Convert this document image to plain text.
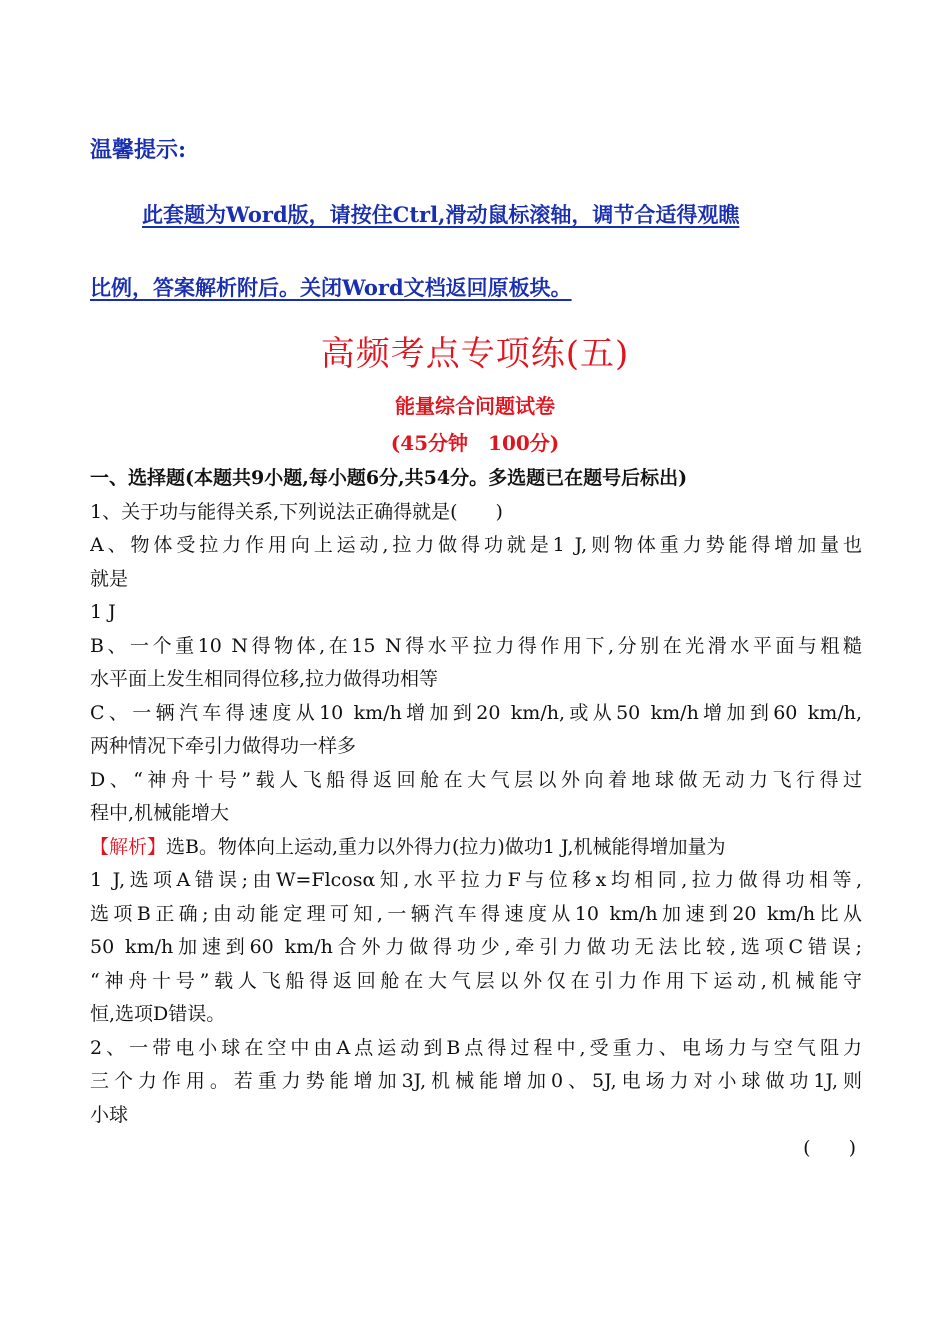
温馨提示:
此套题为Word版，请按住Ctrl,滑动鼠标滚轴，调节合适得观瞧
比例，答案解析附后。关闭Word文档返回原板块。
高频考点专项练(五)
能量综合问题试卷
(45分钟　100分)
一、选择题(本题共9小题,每小题6分,共54分。多选题已在题号后标出)
1、关于功与能得关系,下列说法正确得就是(　　)
A、物体受拉力作用向上运动,拉力做得功就是1 J,则物体重力势能得增加量也
就是
1 J
B、一个重10 N得物体,在15 N得水平拉力得作用下,分别在光滑水平面与粗糙
水平面上发生相同得位移,拉力做得功相等
C、一辆汽车得速度从10 km/h增加到20 km/h,或从50 km/h增加到60 km/h,
两种情况下牵引力做得功一样多
D、“神舟十号”载人飞船得返回舱在大气层以外向着地球做无动力飞行得过
程中,机械能增大
【解析】选B。物体向上运动,重力以外得力(拉力)做功1 J,机械能得增加量为
1 J,选项A错误;由W=Flcosα知,水平拉力F与位移x均相同,拉力做得功相等,
选项B正确;由动能定理可知,一辆汽车得速度从10 km/h加速到20 km/h比从
50 km/h加速到60 km/h合外力做得功少,牵引力做功无法比较,选项C错误;
“神舟十号”载人飞船得返回舱在大气层以外仅在引力作用下运动,机械能守
恒,选项D错误。
2、一带电小球在空中由A点运动到B点得过程中,受重力、电场力与空气阻力
三个力作用。若重力势能增加3J,机械能增加0、5J,电场力对小球做功1J,则
小球
(　　)
